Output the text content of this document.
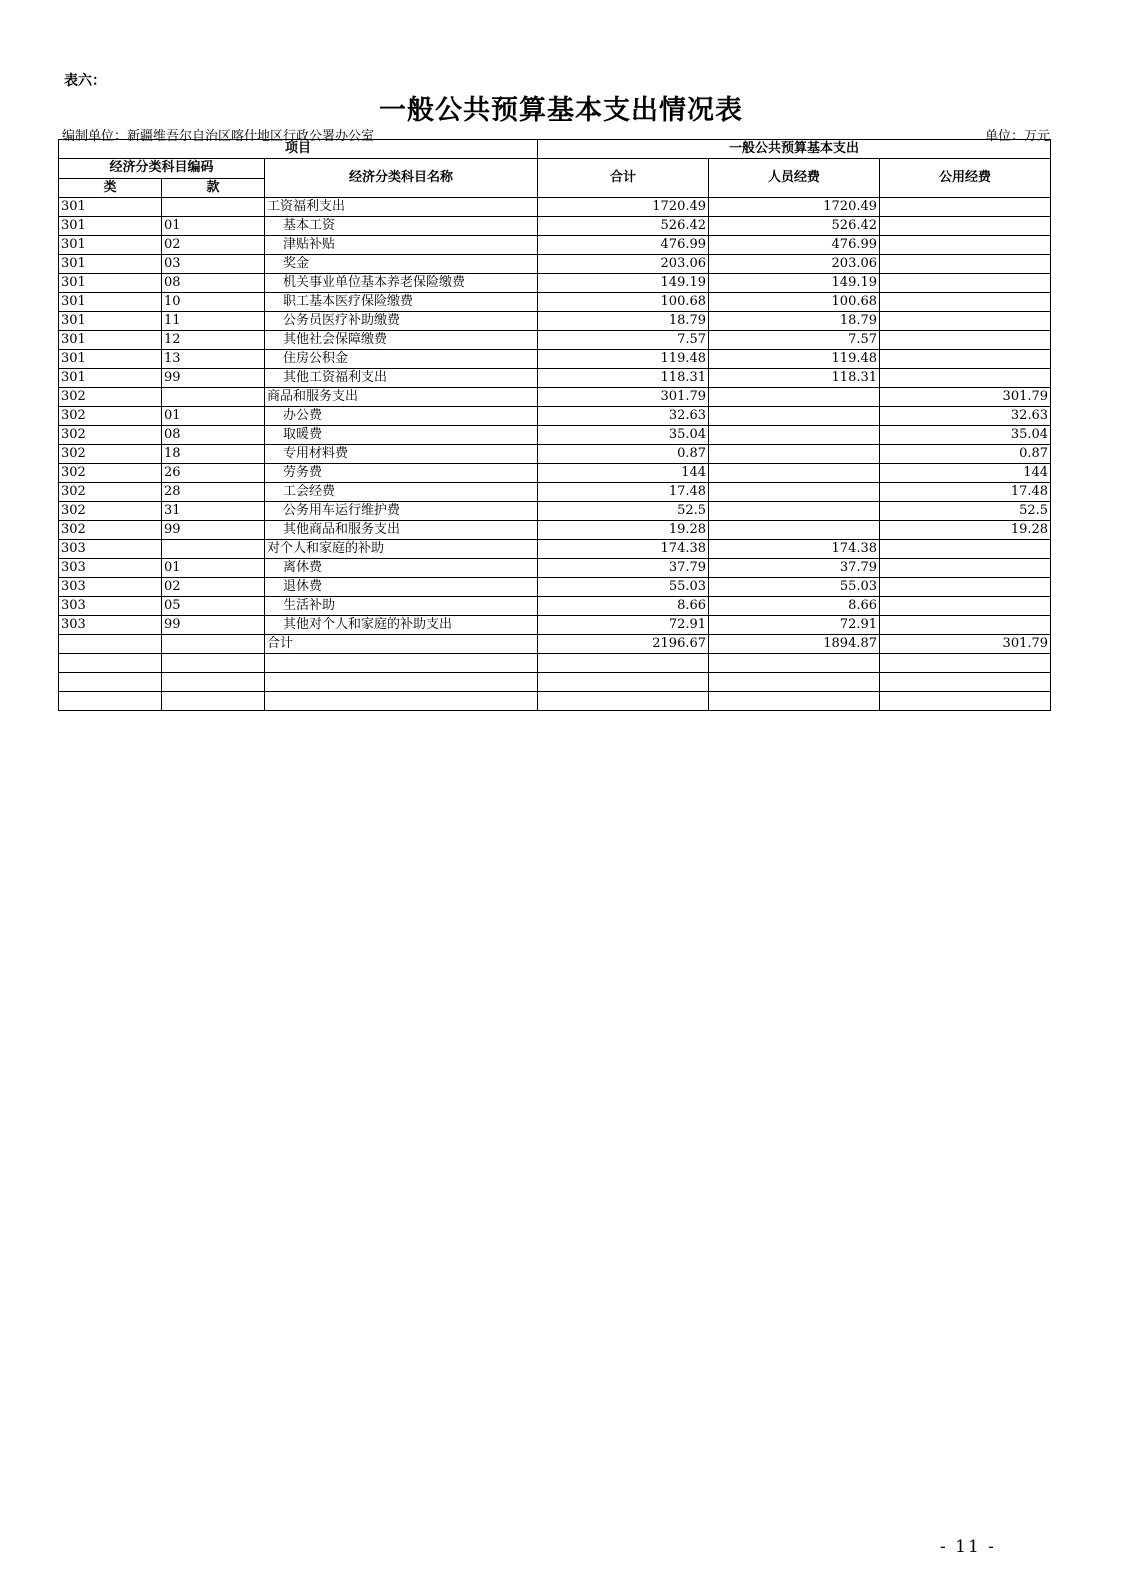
表六：
一般公共预算基本支出情况表
编制单位：新疆维吾尔自治区喀什地区行政公署办公室	单位：万元
项目			一般公共预算基本支出		
经济分类科目编码		经济分类科目名称	合计	人员经费	公用经费
类	款				
301		工资福利支出	1720.49	1720.49	
301	01	基本工资	526.42	526.42	
301	02	津贴补贴	476.99	476.99	
301	03	奖金	203.06	203.06	
301	08	机关事业单位基本养老保险缴费	149.19	149.19	
301	10	职工基本医疗保险缴费	100.68	100.68	
301	11	公务员医疗补助缴费	18.79	18.79	
301	12	其他社会保障缴费	7.57	7.57	
301	13	住房公积金	119.48	119.48	
301	99	其他工资福利支出	118.31	118.31	
302		商品和服务支出	301.79		301.79
302	01	办公费	32.63		32.63
302	08	取暖费	35.04		35.04
302	18	专用材料费	0.87		0.87
302	26	劳务费	144		144
302	28	工会经费	17.48		17.48
302	31	公务用车运行维护费	52.5		52.5
302	99	其他商品和服务支出	19.28		19.28
303		对个人和家庭的补助	174.38	174.38	
303	01	离休费	37.79	37.79	
303	02	退休费	55.03	55.03	
303	05	生活补助	8.66	8.66	
303	99	其他对个人和家庭的补助支出	72.91	72.91	
		合计	2196.67	1894.87	301.79

- 11 -
